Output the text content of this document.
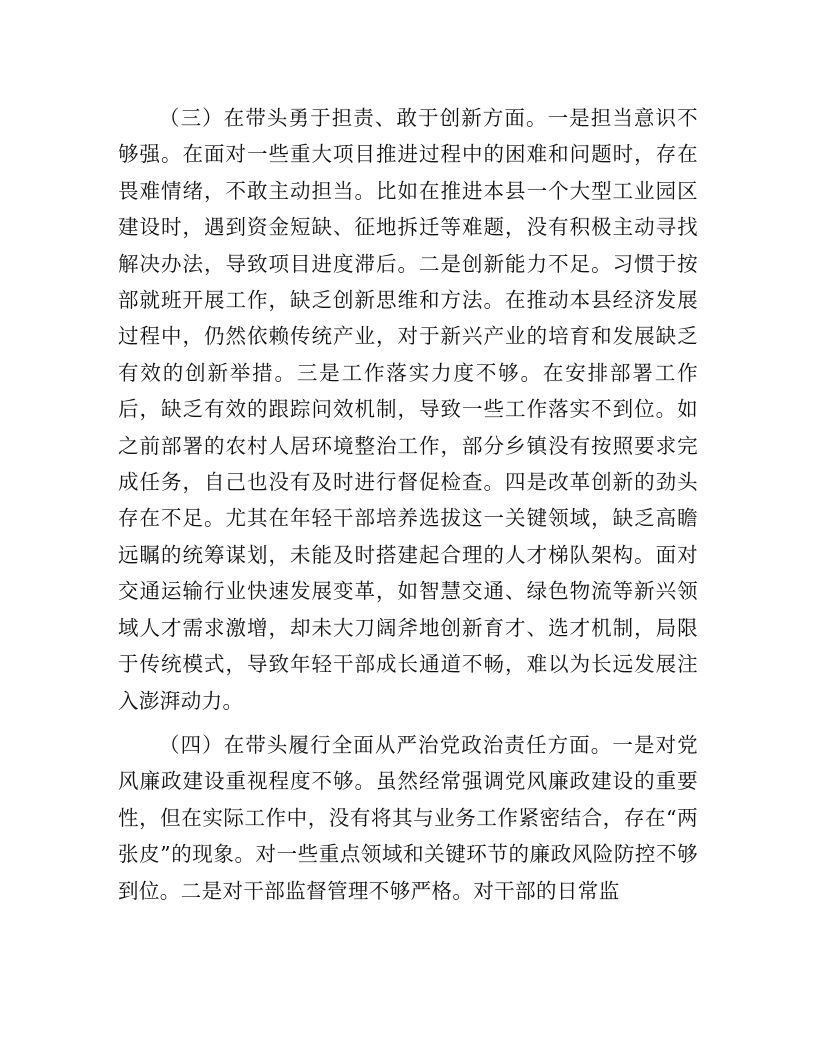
（三）在带头勇于担责、敢于创新方面。一是担当意识不够强。在面对一些重大项目推进过程中的困难和问题时，存在畏难情绪，不敢主动担当。比如在推进本县一个大型工业园区建设时，遇到资金短缺、征地拆迁等难题，没有积极主动寻找解决办法，导致项目进度滞后。二是创新能力不足。习惯于按部就班开展工作，缺乏创新思维和方法。在推动本县经济发展过程中，仍然依赖传统产业，对于新兴产业的培育和发展缺乏有效的创新举措。三是工作落实力度不够。在安排部署工作后，缺乏有效的跟踪问效机制，导致一些工作落实不到位。如之前部署的农村人居环境整治工作，部分乡镇没有按照要求完成任务，自己也没有及时进行督促检查。四是改革创新的劲头存在不足。尤其在年轻干部培养选拔这一关键领域，缺乏高瞻远瞩的统筹谋划，未能及时搭建起合理的人才梯队架构。面对交通运输行业快速发展变革，如智慧交通、绿色物流等新兴领域人才需求激增，却未大刀阔斧地创新育才、选才机制，局限于传统模式，导致年轻干部成长通道不畅，难以为长远发展注入澎湃动力。

（四）在带头履行全面从严治党政治责任方面。一是对党风廉政建设重视程度不够。虽然经常强调党风廉政建设的重要性，但在实际工作中，没有将其与业务工作紧密结合，存在“两张皮”的现象。对一些重点领域和关键环节的廉政风险防控不够到位。二是对干部监督管理不够严格。对干部的日常监
